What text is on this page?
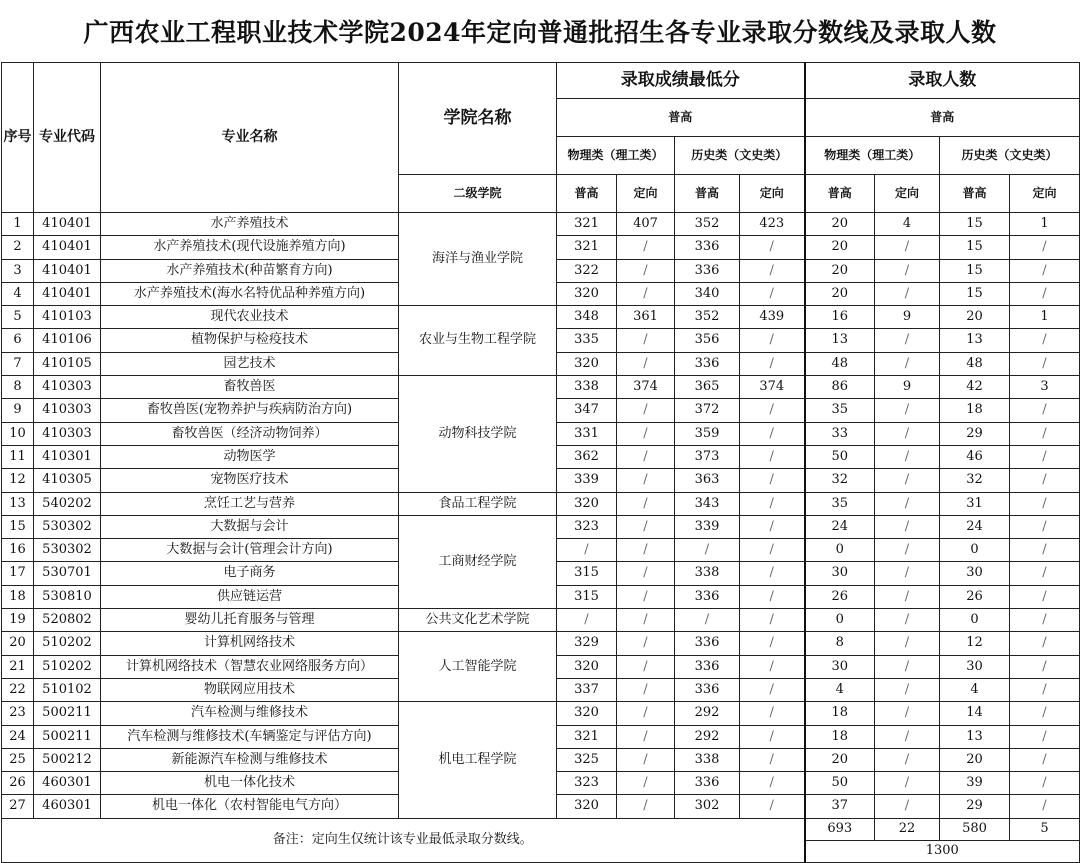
广西农业工程职业技术学院2024年定向普通批招生各专业录取分数线及录取人数
序号	专业代码	专业名称	学院名称	录取成绩最低分				录取人数			
				普高				普高			
				物理类（理工类）		历史类（文史类）		物理类（理工类）		历史类（文史类）	
			二级学院	普高	定向	普高	定向	普高	定向	普高	定向
1	410401	水产养殖技术	海洋与渔业学院	321	407	352	423	20	4	15	1
2	410401	水产养殖技术(现代设施养殖方向)		321	/	336	/	20	/	15	/
3	410401	水产养殖技术(种苗繁育方向)		322	/	336	/	20	/	15	/
4	410401	水产养殖技术(海水名特优品种养殖方向)		320	/	340	/	20	/	15	/
5	410103	现代农业技术	农业与生物工程学院	348	361	352	439	16	9	20	1
6	410106	植物保护与检疫技术		335	/	356	/	13	/	13	/
7	410105	园艺技术		320	/	336	/	48	/	48	/
8	410303	畜牧兽医	动物科技学院	338	374	365	374	86	9	42	3
9	410303	畜牧兽医(宠物养护与疾病防治方向)		347	/	372	/	35	/	18	/
10	410303	畜牧兽医（经济动物饲养）		331	/	359	/	33	/	29	/
11	410301	动物医学		362	/	373	/	50	/	46	/
12	410305	宠物医疗技术		339	/	363	/	32	/	32	/
13	540202	烹饪工艺与营养	食品工程学院	320	/	343	/	35	/	31	/
15	530302	大数据与会计	工商财经学院	323	/	339	/	24	/	24	/
16	530302	大数据与会计(管理会计方向)		/	/	/	/	0	/	0	/
17	530701	电子商务		315	/	338	/	30	/	30	/
18	530810	供应链运营		315	/	336	/	26	/	26	/
19	520802	婴幼儿托育服务与管理	公共文化艺术学院	/	/	/	/	0	/	0	/
20	510202	计算机网络技术	人工智能学院	329	/	336	/	8	/	12	/
21	510202	计算机网络技术（智慧农业网络服务方向）		320	/	336	/	30	/	30	/
22	510102	物联网应用技术		337	/	336	/	4	/	4	/
23	500211	汽车检测与维修技术	机电工程学院	320	/	292	/	18	/	14	/
24	500211	汽车检测与维修技术(车辆鉴定与评估方向)		321	/	292	/	18	/	13	/
25	500212	新能源汽车检测与维修技术		325	/	338	/	20	/	20	/
26	460301	机电一体化技术		323	/	336	/	50	/	39	/
27	460301	机电一体化（农村智能电气方向）		320	/	302	/	37	/	29	/
备注：定向生仅统计该专业最低录取分数线。								693	22	580	5
								1300			
